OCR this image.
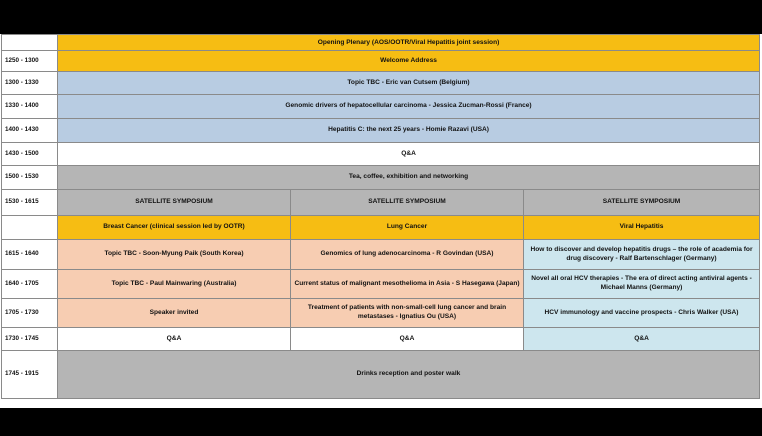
	Opening Plenary (AOS/OOTR/Viral Hepatitis joint session)		
1250 - 1300	Welcome Address		
1300 - 1330	Topic TBC - Eric van Cutsem (Belgium)		
1330 - 1400	Genomic drivers of hepatocellular carcinoma - Jessica Zucman-Rossi (France)		
1400 - 1430	Hepatitis C: the next 25 years - Homie Razavi (USA)		
1430 - 1500	Q&A		
1500 - 1530	Tea, coffee, exhibition and networking		
1530 - 1615	SATELLITE SYMPOSIUM	SATELLITE SYMPOSIUM	SATELLITE SYMPOSIUM
	Breast Cancer (clinical session led by OOTR)	Lung Cancer	Viral Hepatitis
1615 - 1640	Topic TBC - Soon-Myung Paik (South Korea)	Genomics of lung adenocarcinoma - R Govindan (USA)	How to discover and develop hepatitis drugs – the role of academia for drug discovery - Ralf Bartenschlager (Germany)
1640 - 1705	Topic TBC - Paul Mainwaring (Australia)	Current status of malignant mesothelioma in Asia - S Hasegawa (Japan)	Novel all oral HCV therapies - The era of direct acting antiviral agents - Michael Manns (Germany)
1705 - 1730	Speaker invited	Treatment of patients with non-small-cell lung cancer and brain metastases - Ignatius Ou (USA)	HCV immunology and vaccine prospects - Chris Walker (USA)
1730 - 1745	Q&A	Q&A	Q&A
1745 - 1915	Drinks reception and poster walk		
